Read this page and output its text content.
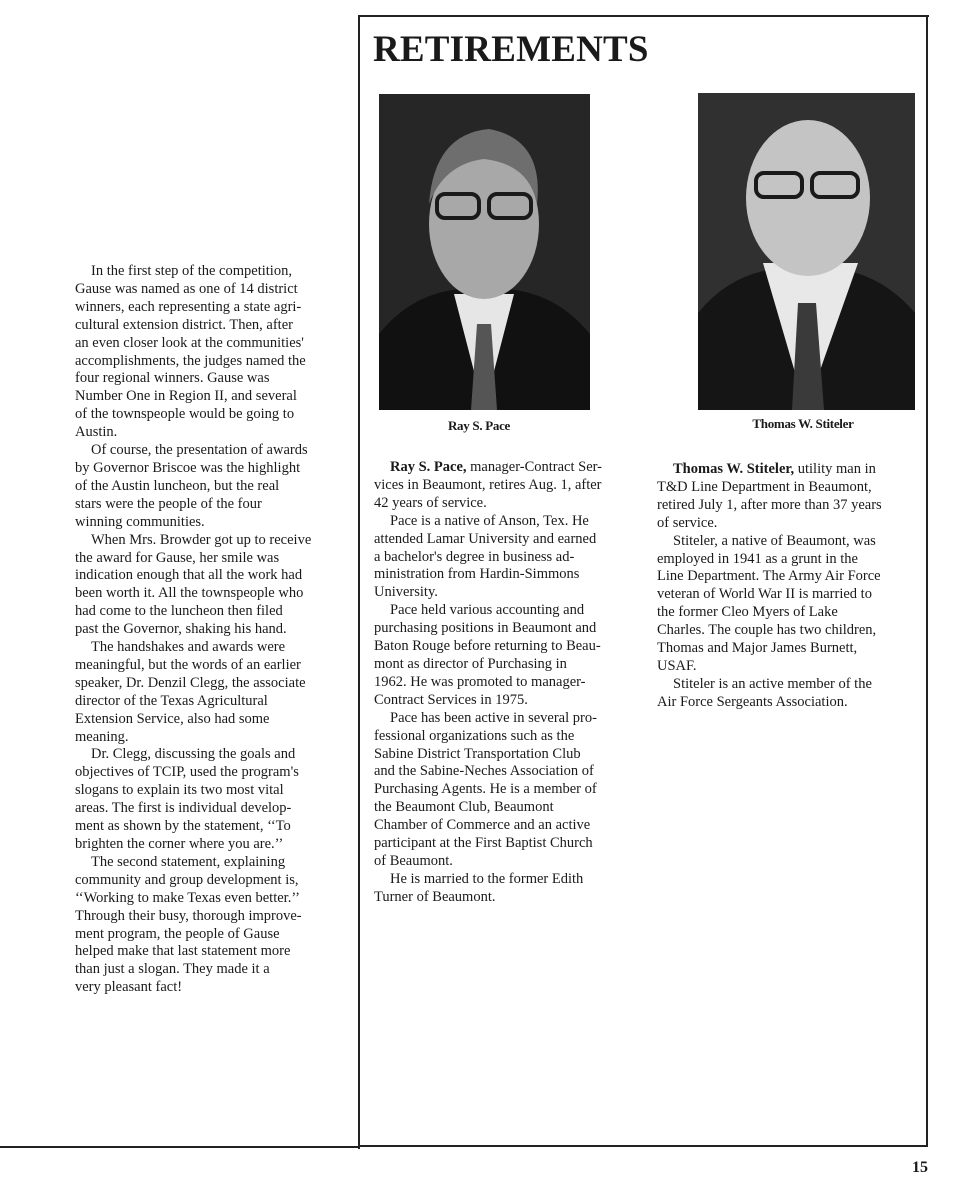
RETIREMENTS
Ray S. Pace	Thomas W. Stiteler
In the first step of the competition,
Gause was named as one of 14 district
winners, each representing a state agri-
cultural extension district. Then, after
an even closer look at the communities'
accomplishments, the judges named the
four regional winners. Gause was
Number One in Region II, and several
of the townspeople would be going to
Austin.
Of course, the presentation of awards
by Governor Briscoe was the highlight
of the Austin luncheon, but the real
stars were the people of the four
winning communities.
When Mrs. Browder got up to receive
the award for Gause, her smile was
indication enough that all the work had
been worth it. All the townspeople who
had come to the luncheon then filed
past the Governor, shaking his hand.
The handshakes and awards were
meaningful, but the words of an earlier
speaker, Dr. Denzil Clegg, the associate
director of the Texas Agricultural
Extension Service, also had some
meaning.
Dr. Clegg, discussing the goals and
objectives of TCIP, used the program's
slogans to explain its two most vital
areas. The first is individual develop-
ment as shown by the statement, ‘‘To
brighten the corner where you are.’’
The second statement, explaining
community and group development is,
‘‘Working to make Texas even better.’’
Through their busy, thorough improve-
ment program, the people of Gause
helped make that last statement more
than just a slogan. They made it a
very pleasant fact!
Ray S. Pace, manager-Contract Ser-
vices in Beaumont, retires Aug. 1, after
42 years of service.
Pace is a native of Anson, Tex. He
attended Lamar University and earned
a bachelor's degree in business ad-
ministration from Hardin-Simmons
University.
Pace held various accounting and
purchasing positions in Beaumont and
Baton Rouge before returning to Beau-
mont as director of Purchasing in
1962. He was promoted to manager-
Contract Services in 1975.
Pace has been active in several pro-
fessional organizations such as the
Sabine District Transportation Club
and the Sabine-Neches Association of
Purchasing Agents. He is a member of
the Beaumont Club, Beaumont
Chamber of Commerce and an active
participant at the First Baptist Church
of Beaumont.
He is married to the former Edith
Turner of Beaumont.
Thomas W. Stiteler, utility man in
T&D Line Department in Beaumont,
retired July 1, after more than 37 years
of service.
Stiteler, a native of Beaumont, was
employed in 1941 as a grunt in the
Line Department. The Army Air Force
veteran of World War II is married to
the former Cleo Myers of Lake
Charles. The couple has two children,
Thomas and Major James Burnett,
USAF.
Stiteler is an active member of the
Air Force Sergeants Association.
15
